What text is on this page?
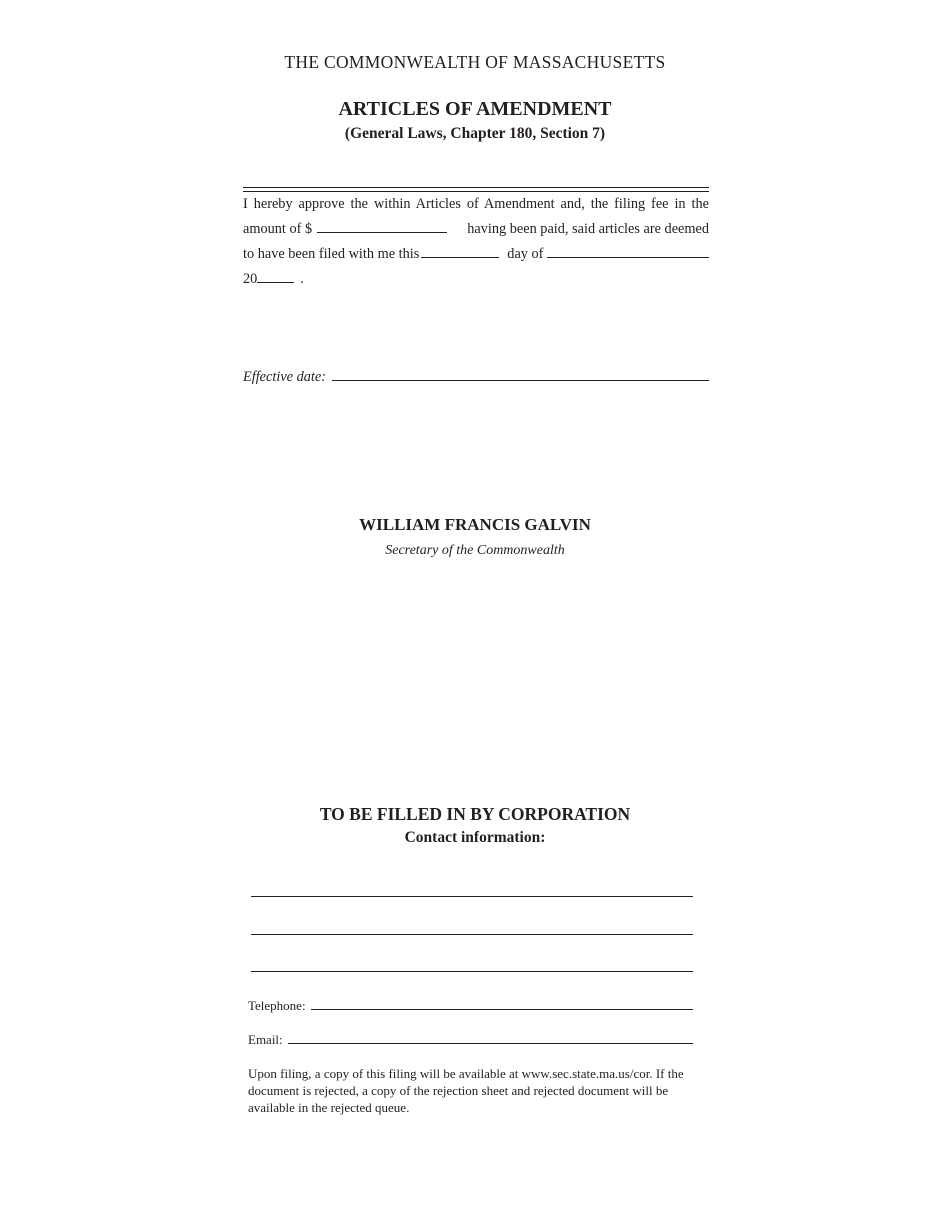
THE COMMONWEALTH OF MASSACHUSETTS
ARTICLES OF AMENDMENT
(General Laws, Chapter 180, Section 7)
I hereby approve the within Articles of Amendment and, the filing fee in the
amount of $	having been paid, said articles are deemed
to have been filed with me this	day of
20	.
Effective date:
WILLIAM FRANCIS GALVIN
Secretary of the Commonwealth
TO BE FILLED IN BY CORPORATION
Contact information:
Telephone:
Email:
Upon filing, a copy of this filing will be available at www.sec.state.ma.us/cor. If the document is rejected, a copy of the rejection sheet and rejected document will be available in the rejected queue.
